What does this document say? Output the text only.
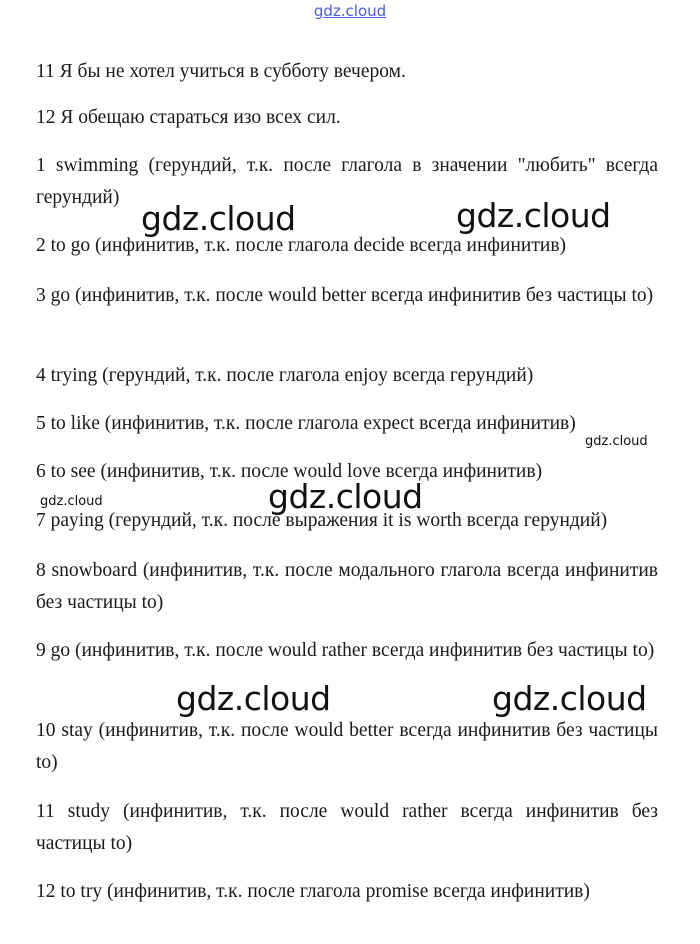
gdz.cloud

11 Я бы не хотел учиться в субботу вечером.

12 Я обещаю стараться изо всех сил.

1 swimming (герундий, т.к. после глагола в значении "любить" всегда герундий)

2 to go (инфинитив, т.к. после глагола decide всегда инфинитив)

3 go (инфинитив, т.к. после would better всегда инфинитив без частицы to)

4 trying (герундий, т.к. после глагола enjoy всегда герундий)

5 to like (инфинитив, т.к. после глагола expect всегда инфинитив)

6 to see (инфинитив, т.к. после would love всегда инфинитив)

7 paying (герундий, т.к. после выражения it is worth всегда герундий)

8 snowboard (инфинитив, т.к. после модального глагола всегда инфинитив без частицы to)

9 go (инфинитив, т.к. после would rather всегда инфинитив без частицы to)

10 stay (инфинитив, т.к. после would better всегда инфинитив без частицы to)

11 study (инфинитив, т.к. после would rather всегда инфинитив без частицы to)

12 to try (инфинитив, т.к. после глагола promise всегда инфинитив)

gdz.cloud	gdz.cloud
gdz.cloud
gdz.cloud	gdz.cloud
gdz.cloud	gdz.cloud
